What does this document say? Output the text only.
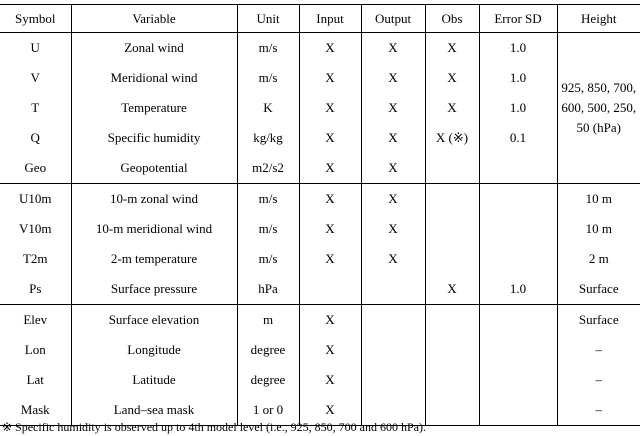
Symbol	Variable	Unit	Input	Output	Obs	Error SD	Height
U	Zonal wind	m/s	X	X	X	1.0	925, 850, 700,
600, 500, 250,
50 (hPa)

V	Meridional wind	m/s	X	X	X	1.0	
T	Temperature	K	X	X	X	1.0	
Q	Specific humidity	kg/kg	X	X	X (※)	0.1	
Geo	Geopotential	m2/s2	X	X			
U10m	10-m zonal wind	m/s	X	X			10 m
V10m	10-m meridional wind	m/s	X	X			10 m
T2m	2-m temperature	m/s	X	X			2 m
Ps	Surface pressure	hPa			X	1.0	Surface
Elev	Surface elevation	m	X				Surface
Lon	Longitude	degree	X				–
Lat	Latitude	degree	X				–
Mask	Land–sea mask	1 or 0	X				–
※ Specific humidity is observed up to 4th model level (i.e., 925, 850, 700 and 600 hPa).
